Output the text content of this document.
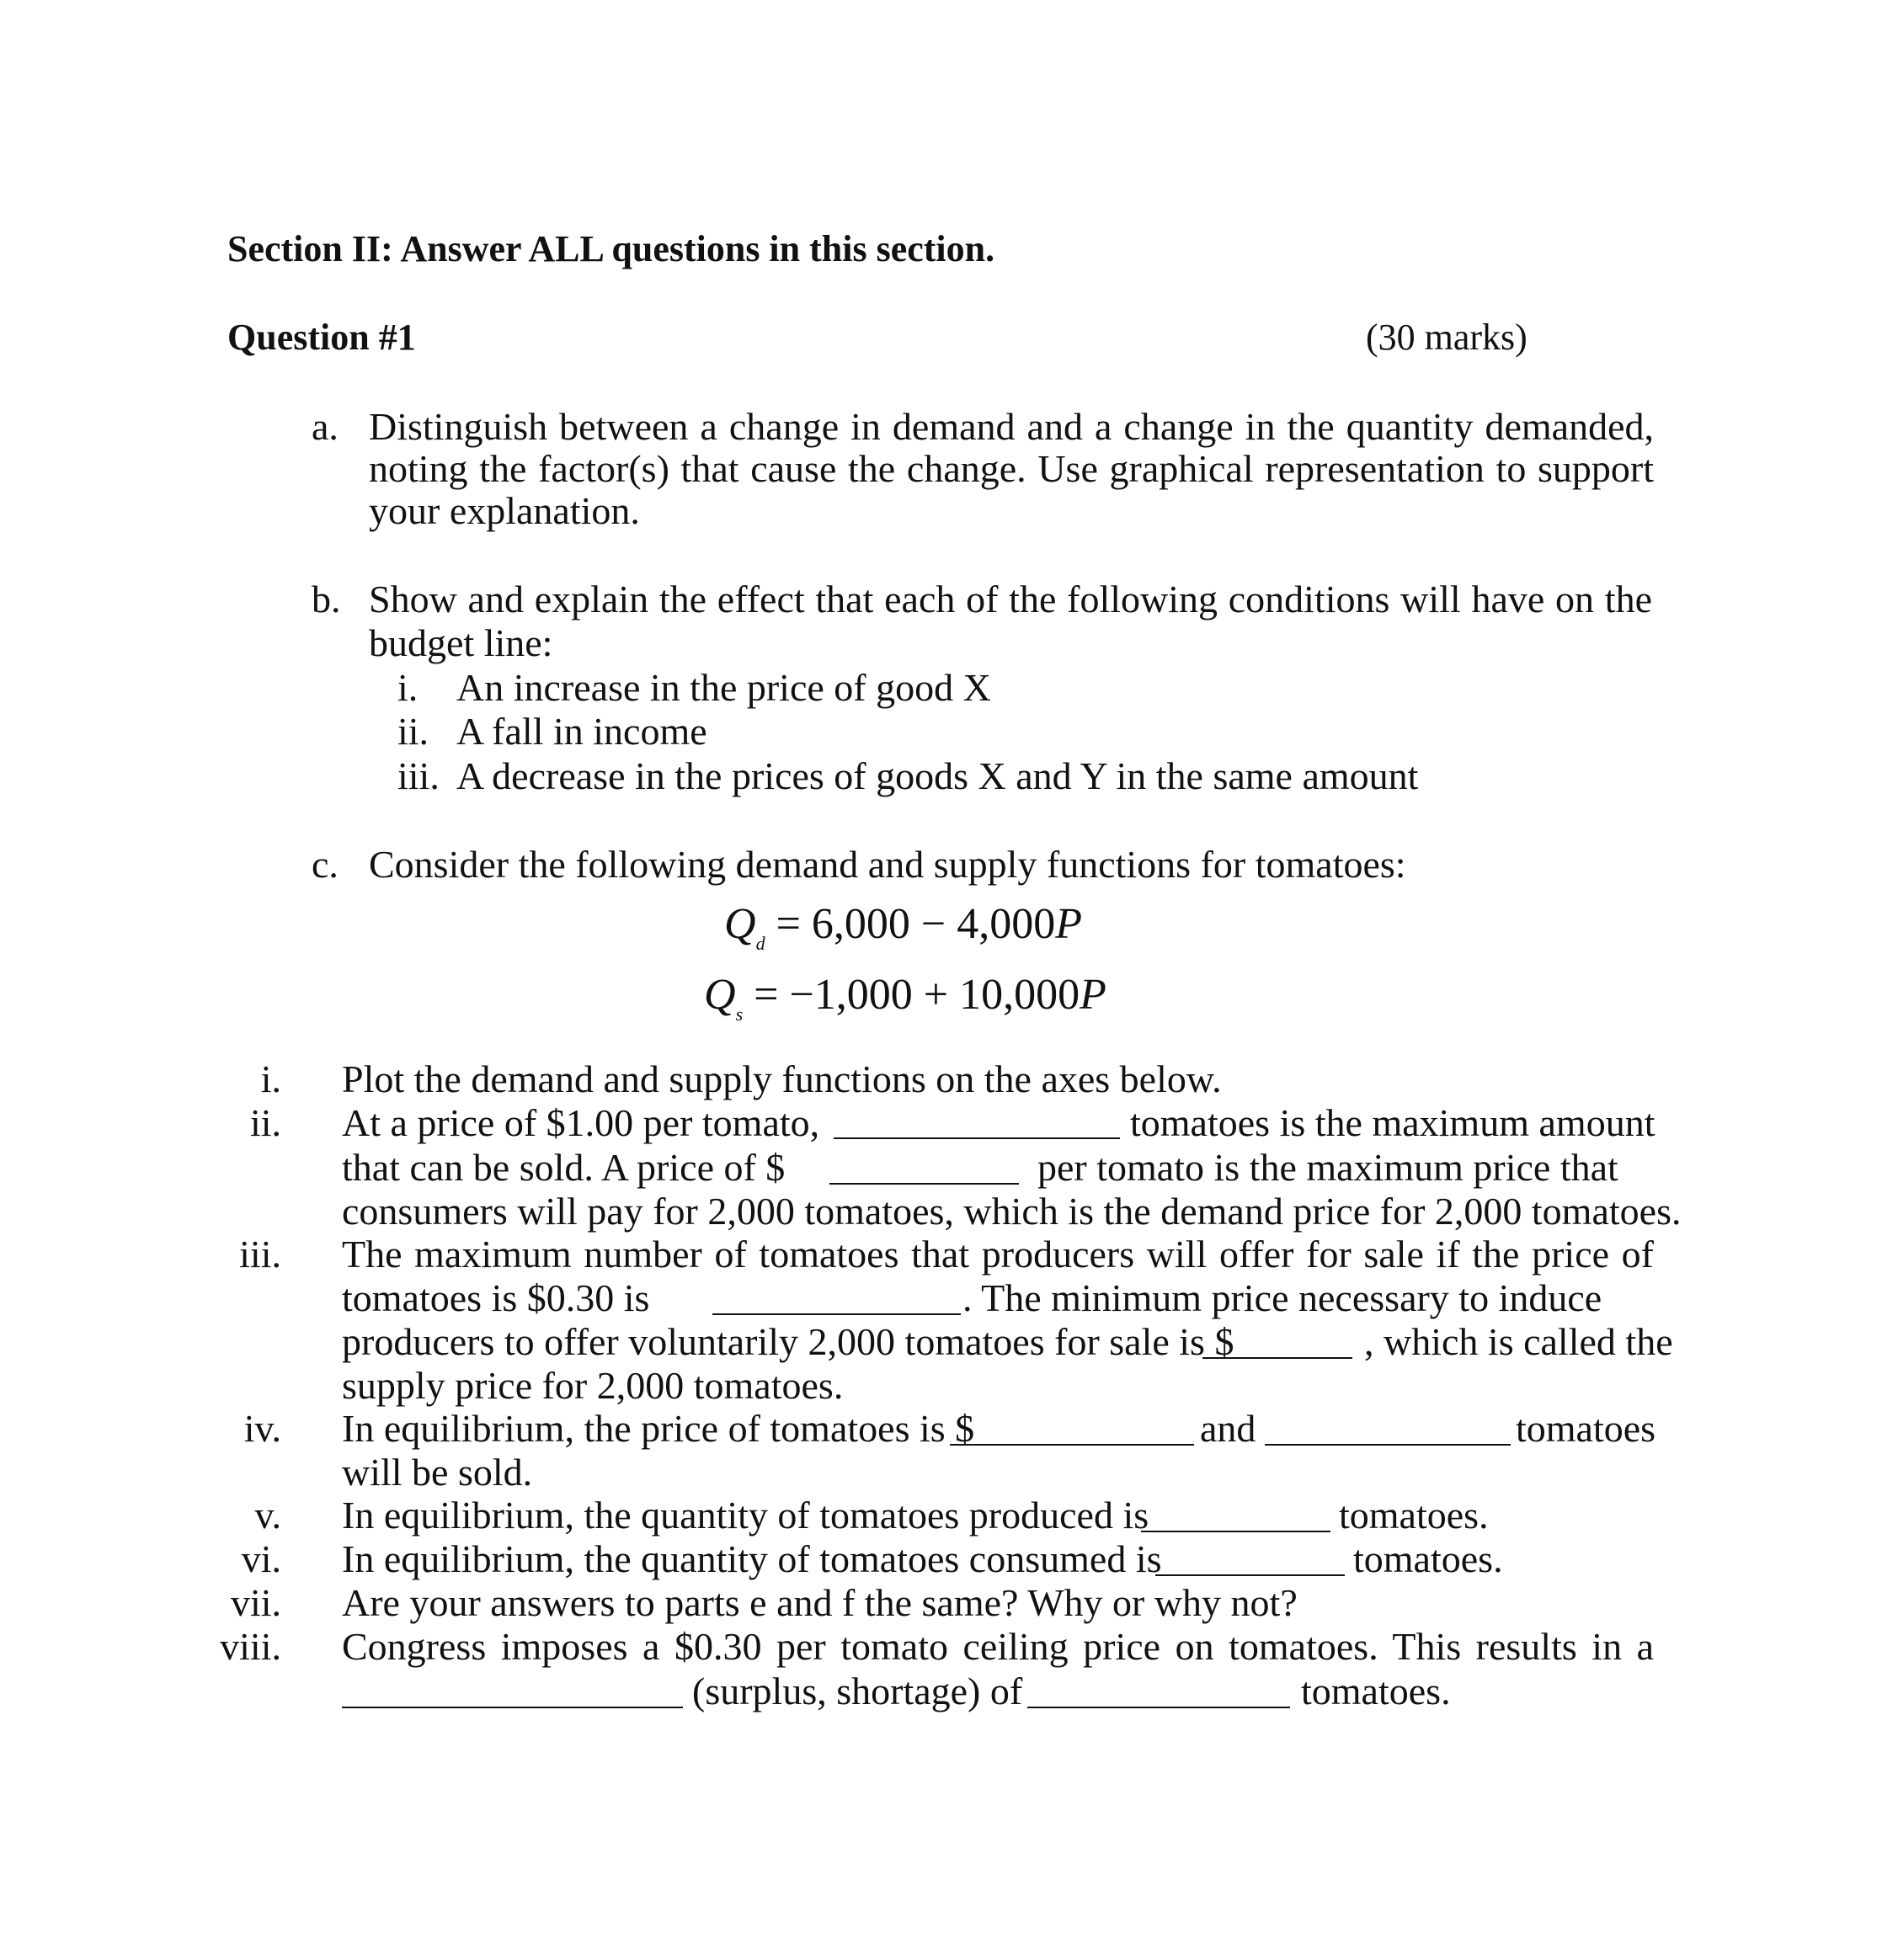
Section II: Answer ALL questions in this section.
Question #1	(30 marks)
a. Distinguish between a change in demand and a change in the quantity demanded,
noting the factor(s) that cause the change. Use graphical representation to support
your explanation.
b. Show and explain the effect that each of the following conditions will have on the
budget line:
i. An increase in the price of good X
ii. A fall in income
iii. A decrease in the prices of goods X and Y in the same amount
c. Consider the following demand and supply functions for tomatoes:
$Q_d = 6,000 - 4,000P$
$Q_s = -1,000 + 10,000P$
i.
ii.
iii.
iv.
v.
vi.
vii.
viii.
Plot the demand and supply functions on the axes below.
At a price of $1.00 per tomato,	tomatoes is the maximum amount
that can be sold. A price of $	per tomato is the maximum price that
consumers will pay for 2,000 tomatoes, which is the demand price for 2,000 tomatoes.
The maximum number of tomatoes that producers will offer for sale if the price of
tomatoes is $0.30 is	. The minimum price necessary to induce
producers to offer voluntarily 2,000 tomatoes for sale is $	, which is called the
supply price for 2,000 tomatoes.
In equilibrium, the price of tomatoes is $	and	tomatoes
will be sold.
In equilibrium, the quantity of tomatoes produced is	tomatoes.
In equilibrium, the quantity of tomatoes consumed is	tomatoes.
Are your answers to parts e and f the same? Why or why not?
Congress imposes a $0.30 per tomato ceiling price on tomatoes. This results in a
(surplus, shortage) of	tomatoes.
